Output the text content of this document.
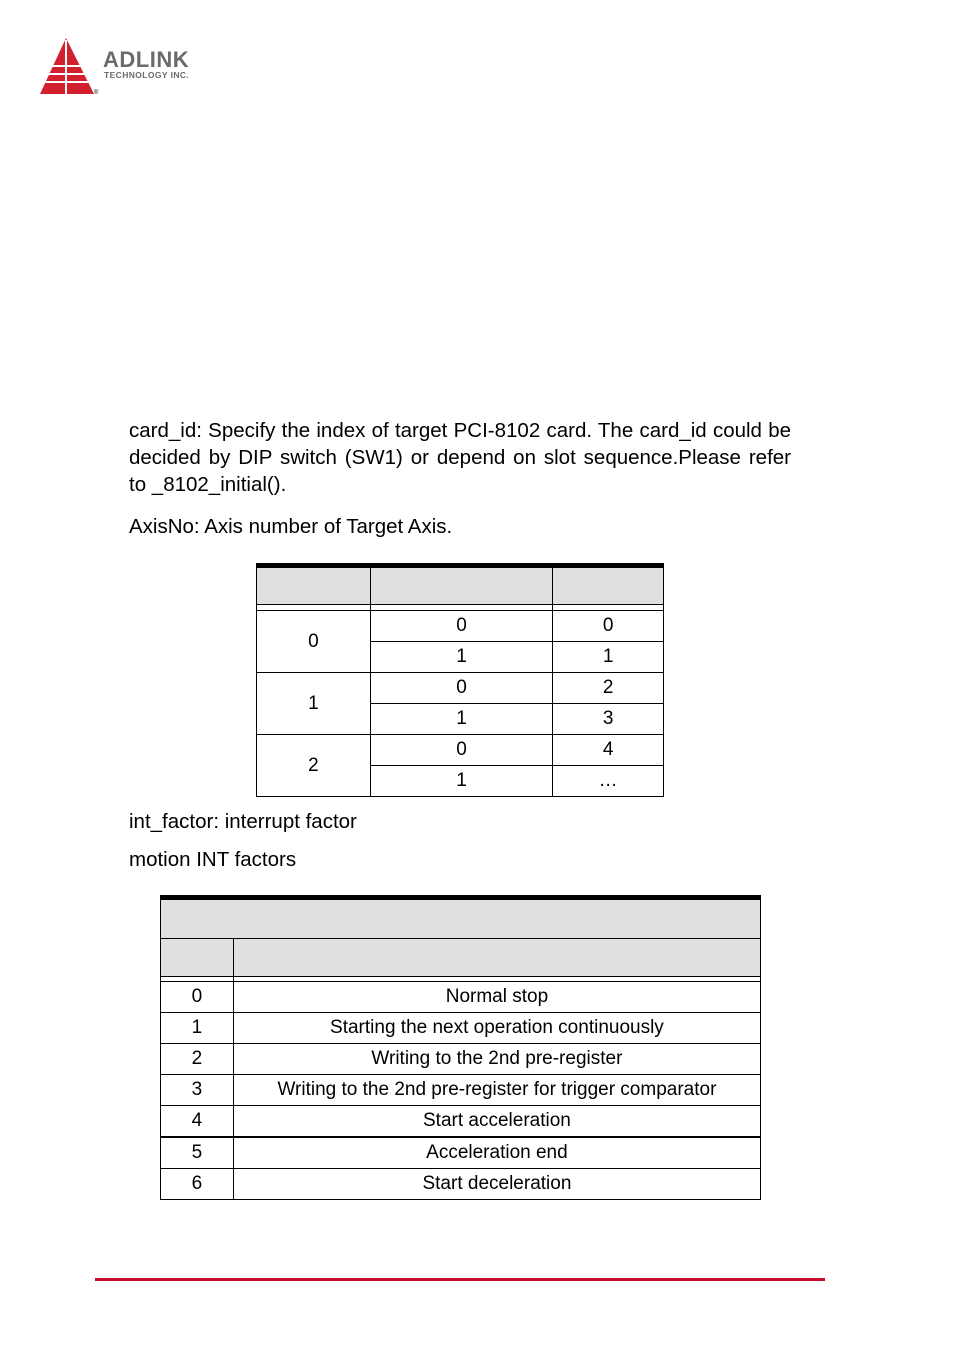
®
ADLINK
TECHNOLOGY INC.

card_id: Specify the index of target PCI-8102 card. The card_id could be decided by DIP switch (SW1) or depend on slot sequence.Please refer to _8102_initial().

AxisNo: Axis number of Target Axis.

0	0	0
	1	1
1	0	2
	1	3
2	0	4
	1	…

int_factor: interrupt factor

motion INT factors

0	Normal stop
1	Starting the next operation continuously
2	Writing to the 2nd pre-register
3	Writing to the 2nd pre-register for trigger comparator
4	Start acceleration
5	Acceleration end
6	Start deceleration
